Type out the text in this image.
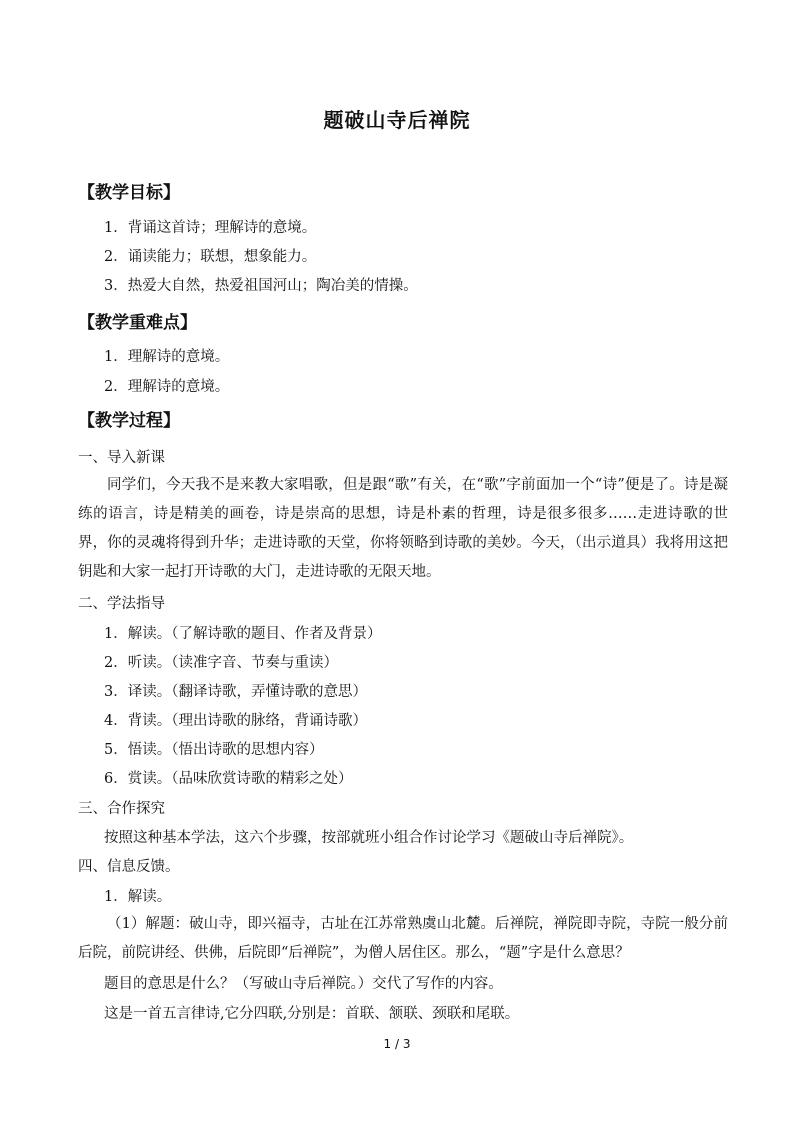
题破山寺后禅院
【教学目标】

1．背诵这首诗；理解诗的意境。

2．诵读能力；联想，想象能力。

3．热爱大自然，热爱祖国河山；陶冶美的情操。

【教学重难点】

1．理解诗的意境。

2．理解诗的意境。

【教学过程】

一、导入新课

同学们，今天我不是来教大家唱歌，但是跟“歌”有关，在“歌”字前面加一个“诗”便是了。诗是凝练的语言，诗是精美的画卷，诗是崇高的思想，诗是朴素的哲理，诗是很多很多……走进诗歌的世界，你的灵魂将得到升华；走进诗歌的天堂，你将领略到诗歌的美妙。今天，（出示道具）我将用这把钥匙和大家一起打开诗歌的大门，走进诗歌的无限天地。

二、学法指导

1．解读。（了解诗歌的题目、作者及背景）

2．听读。（读准字音、节奏与重读）

3．译读。（翻译诗歌，弄懂诗歌的意思）

4．背读。（理出诗歌的脉络，背诵诗歌）

5．悟读。（悟出诗歌的思想内容）

6．赏读。（品味欣赏诗歌的精彩之处）

三、合作探究

按照这种基本学法，这六个步骤，按部就班小组合作讨论学习《题破山寺后禅院》。

四、信息反馈。

1．解读。

（1）解题：破山寺，即兴福寺，古址在江苏常熟虞山北麓。后禅院，禅院即寺院，寺院一般分前后院，前院讲经、供佛，后院即“后禅院”，为僧人居住区。那么，“题”字是什么意思？

题目的意思是什么？（写破山寺后禅院。）交代了写作的内容。

这是一首五言律诗,它分四联,分别是：首联、颔联、颈联和尾联。

1 / 3
